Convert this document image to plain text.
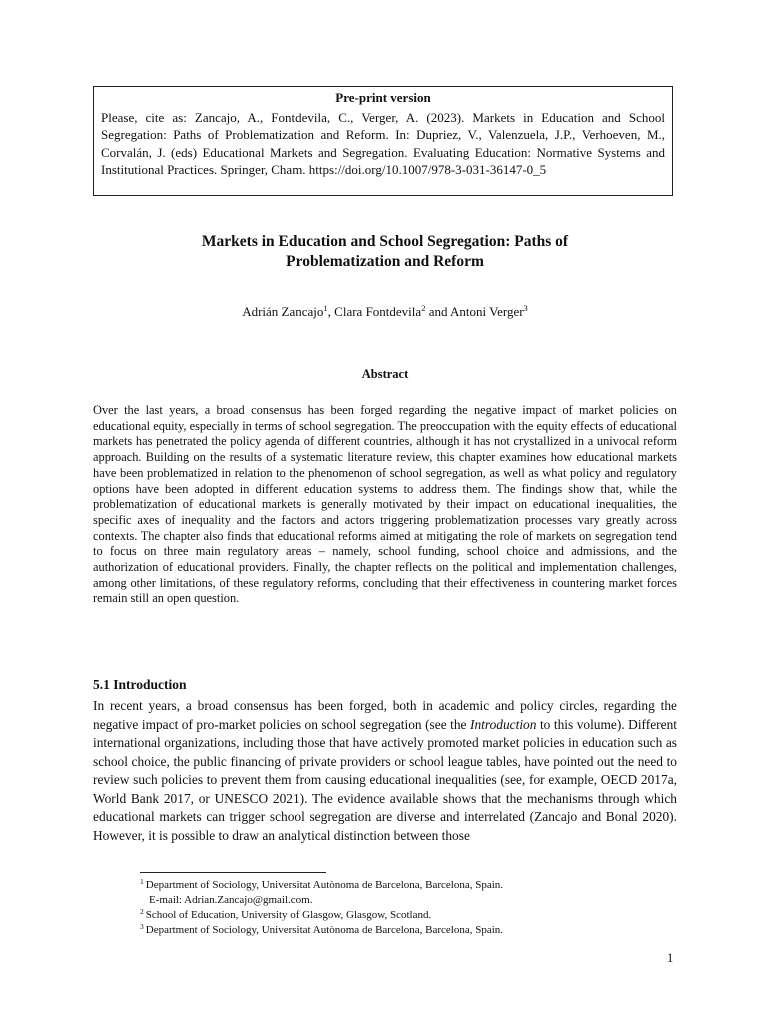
Pre-print version

Please, cite as: Zancajo, A., Fontdevila, C., Verger, A. (2023). Markets in Education and School Segregation: Paths of Problematization and Reform. In: Dupriez, V., Valenzuela, J.P., Verhoeven, M., Corvalán, J. (eds) Educational Markets and Segregation. Evaluating Education: Normative Systems and Institutional Practices. Springer, Cham. https://doi.org/10.1007/978-3-031-36147-0_5

Markets in Education and School Segregation: Paths of
Problematization and Reform

Adrián Zancajo$^1$, Clara Fontdevila$^2$ and Antoni Verger$^3$

Abstract

Over the last years, a broad consensus has been forged regarding the negative impact of market policies on educational equity, especially in terms of school segregation. The preoccupation with the equity effects of educational markets has penetrated the policy agenda of different countries, although it has not crystallized in a univocal reform approach. Building on the results of a systematic literature review, this chapter examines how educational markets have been problematized in relation to the phenomenon of school segregation, as well as what policy and regulatory options have been adopted in different education systems to address them. The findings show that, while the problematization of educational markets is generally motivated by their impact on educational inequalities, the specific axes of inequality and the factors and actors triggering problematization processes vary greatly across contexts. The chapter also finds that educational reforms aimed at mitigating the role of markets on segregation tend to focus on three main regulatory areas – namely, school funding, school choice and admissions, and the authorization of educational providers. Finally, the chapter reflects on the political and implementation challenges, among other limitations, of these regulatory reforms, concluding that their effectiveness in countering market forces remain still an open question.

5.1 Introduction

In recent years, a broad consensus has been forged, both in academic and policy circles, regarding the negative impact of pro-market policies on school segregation (see the Introduction to this volume). Different international organizations, including those that have actively promoted market policies in education such as school choice, the public financing of private providers or school league tables, have pointed out the need to review such policies to prevent them from causing educational inequalities (see, for example, OECD 2017a, World Bank 2017, or UNESCO 2021). The evidence available shows that the mechanisms through which educational markets can trigger school segregation are diverse and interrelated (Zancajo and Bonal 2020). However, it is possible to draw an analytical distinction between those

$^1$ Department of Sociology, Universitat Autònoma de Barcelona, Barcelona, Spain.

E-mail: Adrian.Zancajo@gmail.com.

$^2$ School of Education, University of Glasgow, Glasgow, Scotland.

$^3$ Department of Sociology, Universitat Autònoma de Barcelona, Barcelona, Spain.

1
